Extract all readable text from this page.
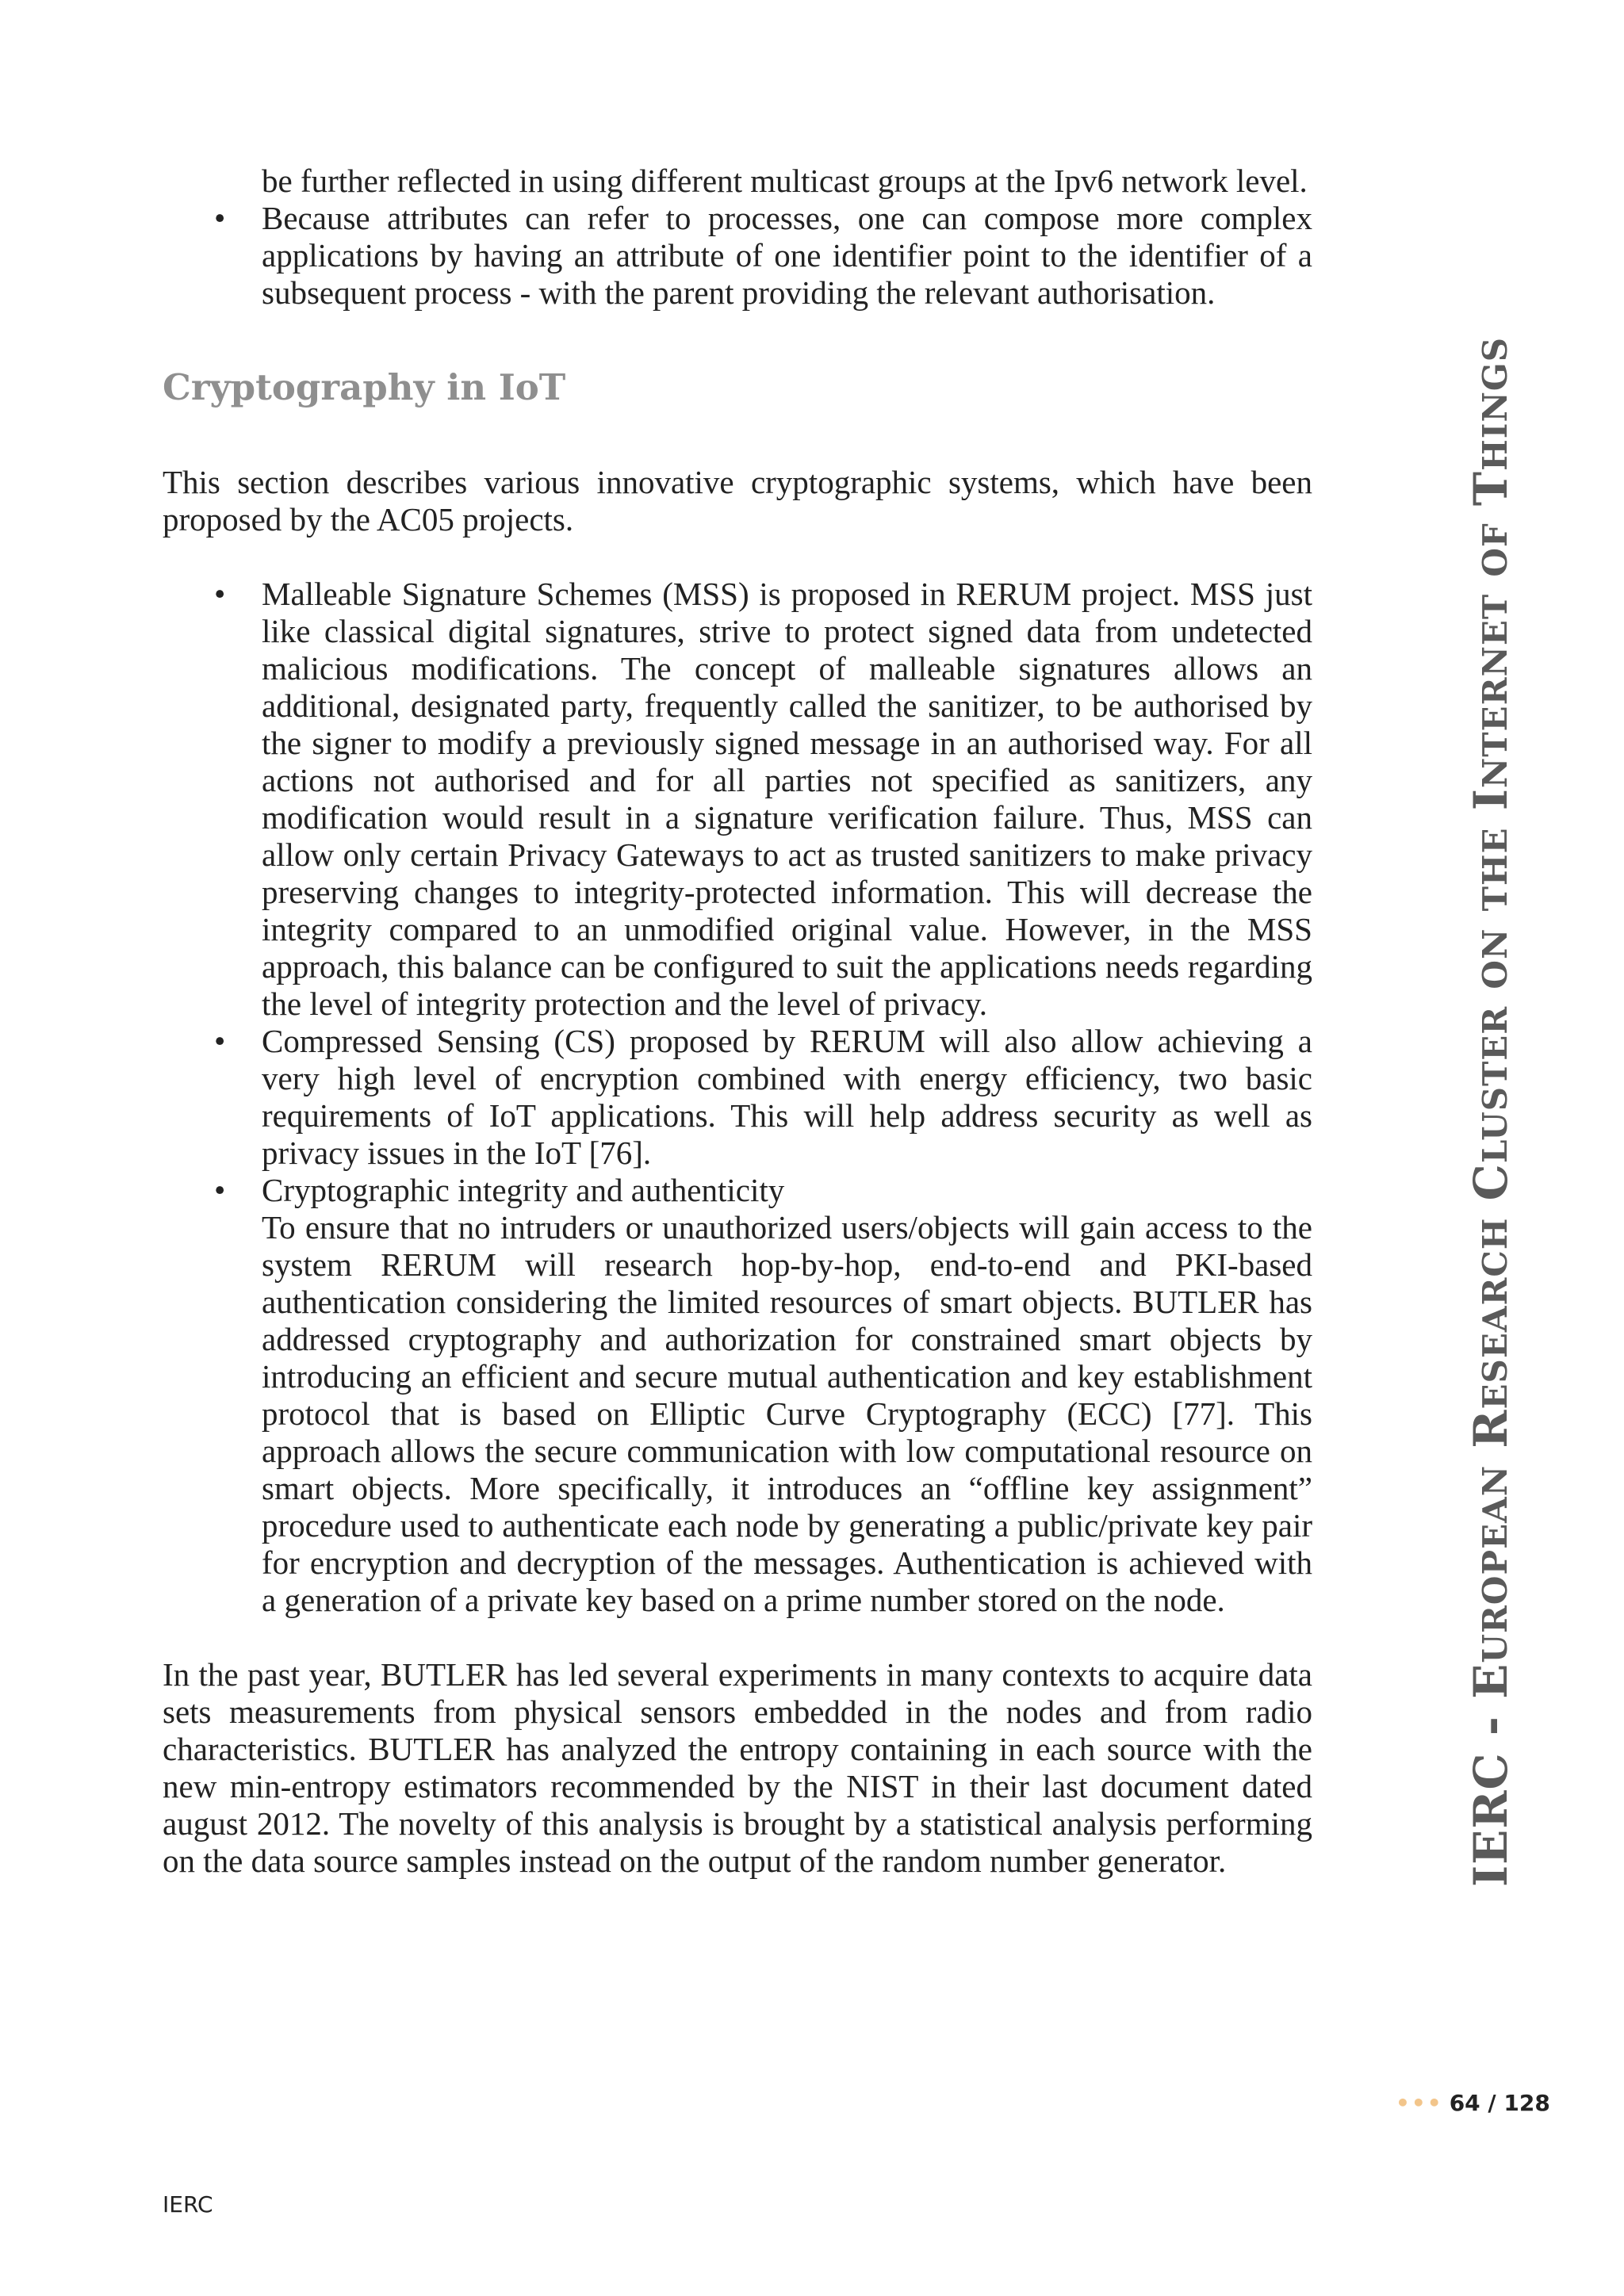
be further reflected in using different multicast groups at the Ipv6 network level.
•	Because attributes can refer to processes, one can compose more complex applications by having an attribute of one identifier point to the identifier of a subsequent process - with the parent providing the relevant authorisation.
Cryptography in IoT

This section describes various innovative cryptographic systems, which have been proposed by the AC05 projects.

•	Malleable Signature Schemes (MSS) is proposed in RERUM project. MSS just like classical digital signatures, strive to protect signed data from undetected malicious modifications. The concept of malleable signatures allows an additional, designated party, frequently called the sanitizer, to be authorised by the signer to modify a previously signed message in an authorised way. For all actions not authorised and for all parties not specified as sanitizers, any modification would result in a signature verification failure. Thus, MSS can allow only certain Privacy Gateways to act as trusted sanitizers to make privacy preserving changes to integrity-protected information. This will decrease the integrity compared to an unmodified original value. However, in the MSS approach, this balance can be configured to suit the applications needs regarding the level of integrity protection and the level of privacy.
•	Compressed Sensing (CS) proposed by RERUM will also allow achieving a very high level of encryption combined with energy efficiency, two basic requirements of IoT applications. This will help address security as well as privacy issues in the IoT [76].
•	Cryptographic integrity and authenticity
To ensure that no intruders or unauthorized users/objects will gain access to the system RERUM will research hop-by-hop, end-to-end and PKI-based authentication considering the limited resources of smart objects. BUTLER has addressed cryptography and authorization for constrained smart objects by introducing an efficient and secure mutual authentication and key establishment protocol that is based on Elliptic Curve Cryptography (ECC) [77]. This approach allows the secure communication with low computational resource on smart objects. More specifically, it introduces an “offline key assignment” procedure used to authenticate each node by generating a public/private key pair for encryption and decryption of the messages. Authentication is achieved with a generation of a private key based on a prime number stored on the node.

In the past year, BUTLER has led several experiments in many contexts to acquire data sets measurements from physical sensors embedded in the nodes and from radio characteristics. BUTLER has analyzed the entropy containing in each source with the new min-entropy estimators recommended by the NIST in their last document dated august 2012. The novelty of this analysis is brought by a statistical analysis performing on the data source samples instead on the output of the random number generator.	IERC - EUROPEAN RESEARCH CLUSTER ON THE INTERNET OF THINGS
••• 64 / 128
IERC
